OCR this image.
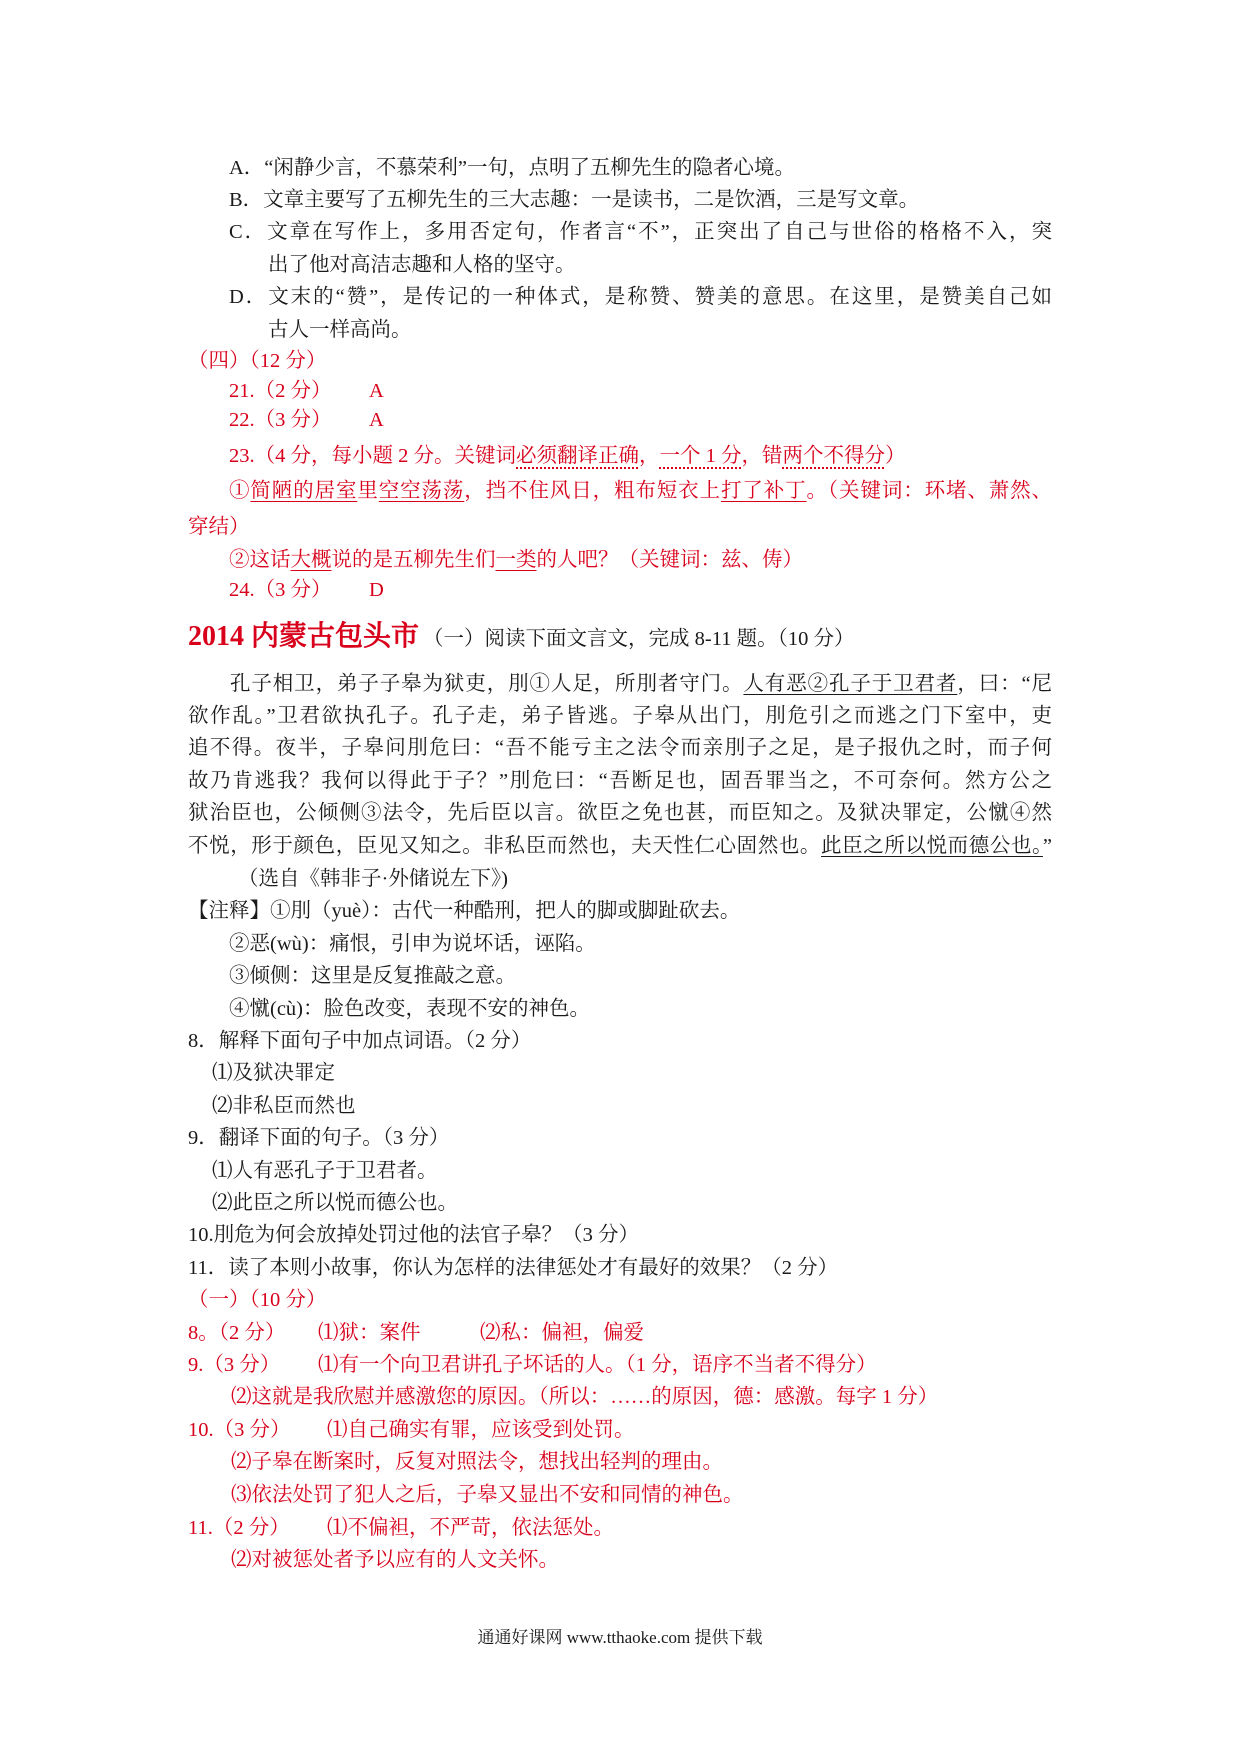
A．“闲静少言，不慕荣利”一句，点明了五柳先生的隐者心境。
B．文章主要写了五柳先生的三大志趣：一是读书，二是饮酒，三是写文章。
C．文章在写作上，多用否定句，作者言“不”，正突出了自己与世俗的格格不入，突
出了他对高洁志趣和人格的坚守。
D．文末的“赞”，是传记的一种体式，是称赞、赞美的意思。在这里，是赞美自己如
古人一样高尚。
（四）（12 分）
21.（2 分） A
22.（3 分） A
23.（4 分，每小题 2 分。关键词必须翻译正确，一个 1 分，错两个不得分）
①简陋的居室里空空荡荡，挡不住风日，粗布短衣上打了补丁。（关键词：环堵、萧然、
穿结）
②这话大概说的是五柳先生们一类的人吧？（关键词：兹、俦）
24.（3 分） D
2014 内蒙古包头市 （一）阅读下面文言文，完成 8-11 题。（10 分）
孔子相卫，弟子子皋为狱吏，刖①人足，所刖者守门。人有恶②孔子于卫君者，曰：“尼
欲作乱。”卫君欲执孔子。孔子走，弟子皆逃。子皋从出门，刖危引之而逃之门下室中，吏
追不得。夜半，子皋问刖危曰：“吾不能亏主之法令而亲刖子之足，是子报仇之时，而子何
故乃肯逃我？我何以得此于子？”刖危曰：“吾断足也，固吾罪当之，不可奈何。然方公之
狱治臣也，公倾侧③法令，先后臣以言。欲臣之免也甚，而臣知之。及狱决罪定，公憱④然
不悦，形于颜色，臣见又知之。非私臣而然也，夫天性仁心固然也。此臣之所以悦而德公也。”
（选自《韩非子·外储说左下》)
【注释】①刖（yuè）：古代一种酷刑，把人的脚或脚趾砍去。
②恶(wù)：痛恨，引申为说坏话，诬陷。
③倾侧：这里是反复推敲之意。
④憱(cù)：脸色改变，表现不安的神色。
8．解释下面句子中加点词语。（2 分）
⑴及狱决罪定
⑵非私臣而然也
9．翻译下面的句子。（3 分）
⑴人有恶孔子于卫君者。
⑵此臣之所以悦而德公也。
10.刖危为何会放掉处罚过他的法官子皋？（3 分）
11．读了本则小故事，你认为怎样的法律惩处才有最好的效果？（2 分）
（一）（10 分）
8。（2 分） ⑴狱：案件	⑵私：偏袒，偏爱
9.（3 分） ⑴有一个向卫君讲孔子坏话的人。（1 分，语序不当者不得分）
⑵这就是我欣慰并感激您的原因。（所以：……的原因，德：感激。每字 1 分）
10.（3 分） ⑴自己确实有罪，应该受到处罚。
⑵子皋在断案时，反复对照法令，想找出轻判的理由。
⑶依法处罚了犯人之后，子皋又显出不安和同情的神色。
11.（2 分） ⑴不偏袒，不严苛，依法惩处。
⑵对被惩处者予以应有的人文关怀。
通通好课网 www.tthaoke.com 提供下载
